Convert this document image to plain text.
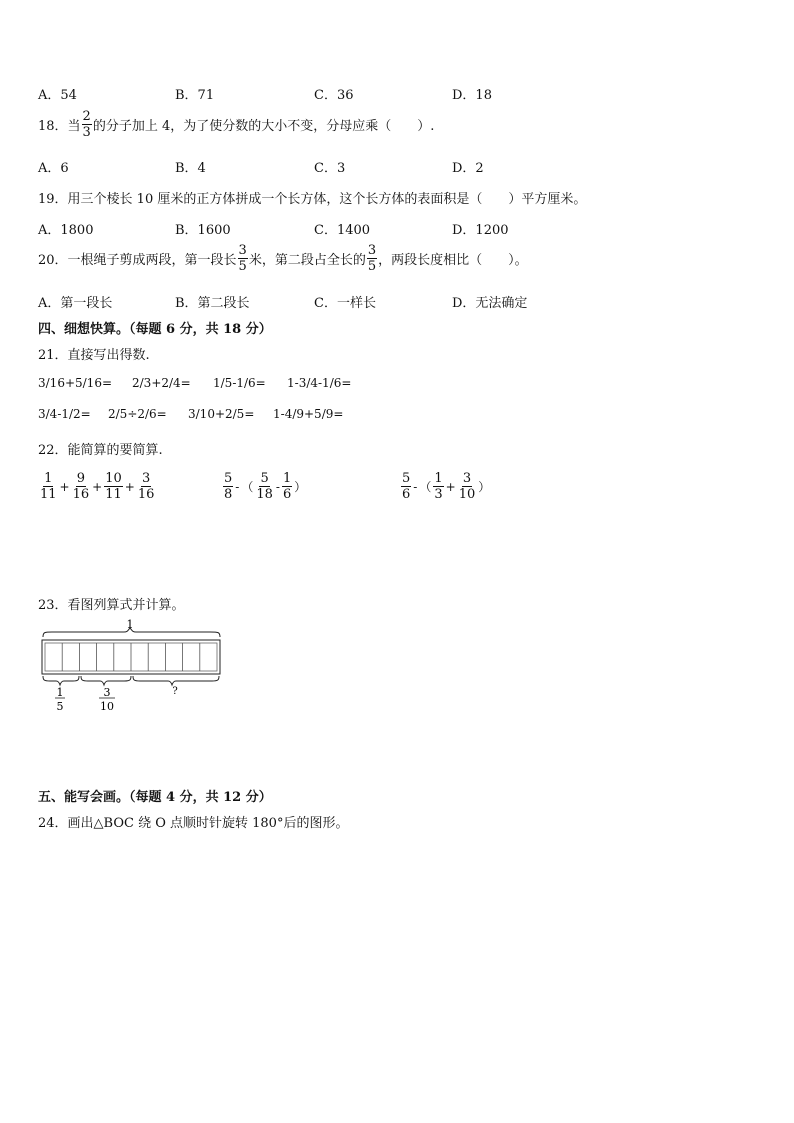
A．54	B．71	C．36	D．18
18．当 $\frac{2}{3}$ 的分子加上 4，为了使分数的大小不变，分母应乘（　　）.
A．6	B．4	C．3	D．2
19．用三个棱长 10 厘米的正方体拼成一个长方体，这个长方体的表面积是（　　）平方厘米。
A．1800	B．1600	C．1400	D．1200
20．一根绳子剪成两段，第一段长 $\frac{3}{5}$ 米，第二段占全长的 $\frac{3}{5}$ ，两段长度相比（　　）。
A．第一段长	B．第二段长	C．一样长	D．无法确定
四、细想快算。（每题 6 分，共 18 分）
21．直接写出得数.
3/16+5/16= 2/3+2/4= 1/5-1/6= 1-3/4-1/6=
3/4-1/2= 2/5÷2/6= 3/10+2/5= 1-4/9+5/9=
22．能简算的要简算.
$\frac{1}{11} + \frac{9}{16} + \frac{10}{11} + \frac{3}{16}$	$\frac{5}{8}$ - （ $\frac{5}{18} - \frac{1}{6}$ ）	$\frac{5}{6}$ - （ $\frac{1}{3} + \frac{3}{10}$ ）
23．看图列算式并计算。
1
1
5
3
10
?
五、能写会画。（每题 4 分，共 12 分）
24．画出△BOC 绕 O 点顺时针旋转 180°后的图形。
